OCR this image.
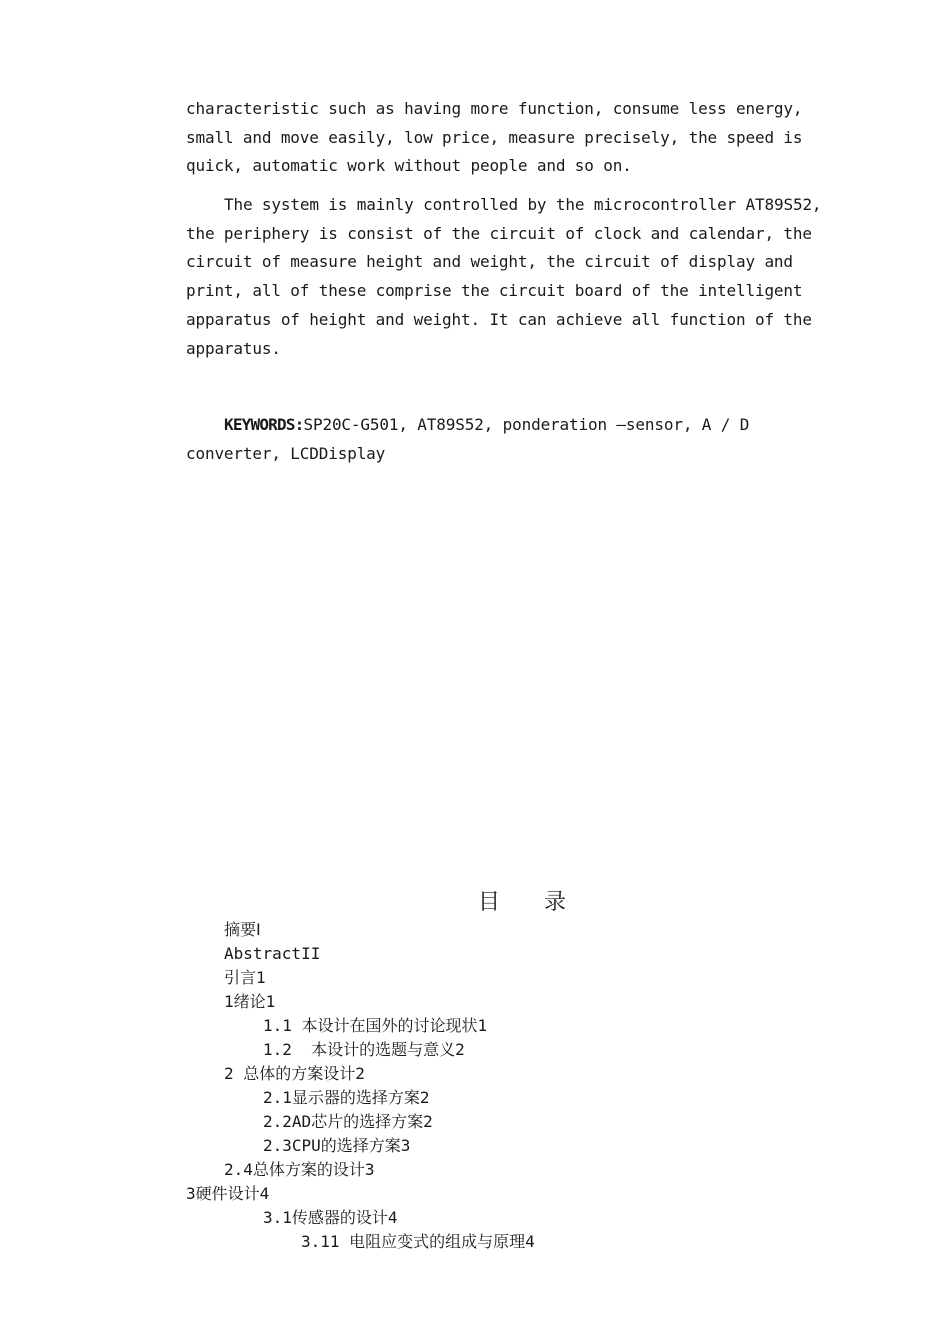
characteristic such as having more function, consume less energy, small and move easily, low price, measure precisely, the speed is quick, automatic work without people and so on.

The system is mainly controlled by the microcontroller AT89S52, the periphery is consist of the circuit of clock and calendar, the circuit of measure height and weight, the circuit of display and print, all of these comprise the circuit board of the intelligent apparatus of height and weight. It can achieve all function of the apparatus.

KEYWORDS:SP20C-G501, AT89S52, ponderation –sensor, A / D converter, LCDDisplay

目 录
摘要Ⅰ
AbstractII
引言1
1绪论1
1.1 本设计在国外的讨论现状1
1.2  本设计的选题与意义2
2 总体的方案设计2
2.1显示器的选择方案2
2.2AD芯片的选择方案2
2.3CPU的选择方案3
2.4总体方案的设计3
3硬件设计4
3.1传感器的设计4
3.11 电阻应变式的组成与原理4
